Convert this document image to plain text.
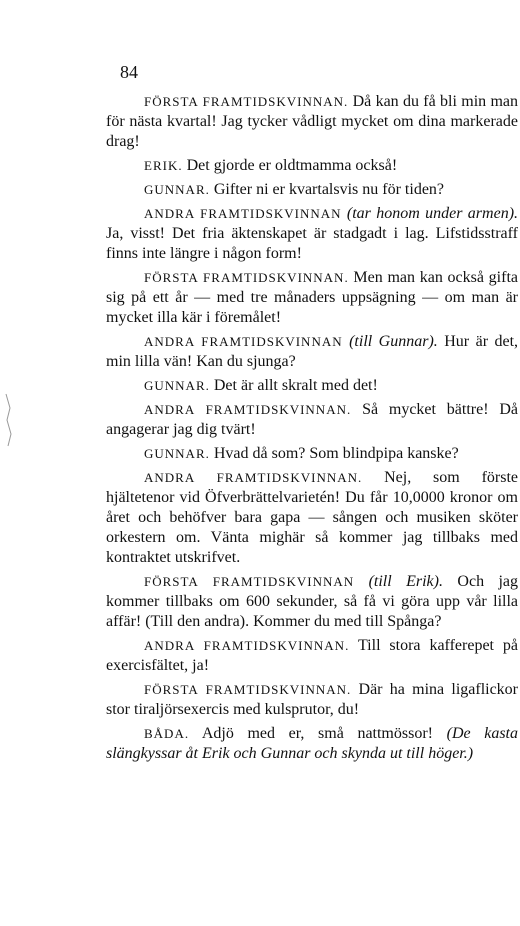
84

FÖRSTA FRAMTIDSKVINNAN. Då kan du få bli min man för nästa kvartal! Jag tycker vådligt mycket om dina markerade drag!

ERIK. Det gjorde er oldtmamma också!

GUNNAR. Gifter ni er kvartalsvis nu för tiden?

ANDRA FRAMTIDSKVINNAN (tar honom under armen). Ja, visst! Det fria äktenskapet är stadgadt i lag. Lifstidsstraff finns inte längre i någon form!

FÖRSTA FRAMTIDSKVINNAN. Men man kan också gifta sig på ett år — med tre månaders uppsägning — om man är mycket illa kär i föremålet!

ANDRA FRAMTIDSKVINNAN (till Gunnar). Hur är det, min lilla vän! Kan du sjunga?

GUNNAR. Det är allt skralt med det!

ANDRA FRAMTIDSKVINNAN. Så mycket bättre! Då angagerar jag dig tvärt!

GUNNAR. Hvad då som? Som blindpipa kanske?

ANDRA FRAMTIDSKVINNAN. Nej, som förste hjältetenor vid Öfverbrättelvarietén! Du får 10,0000 kronor om året och behöfver bara gapa — sången och musiken sköter orkestern om. Vänta mighär så kommer jag tillbaks med kontraktet utskrifvet.

FÖRSTA FRAMTIDSKVINNAN (till Erik). Och jag kommer tillbaks om 600 sekunder, så få vi göra upp vår lilla affär! (Till den andra). Kommer du med till Spånga?

ANDRA FRAMTIDSKVINNAN. Till stora kafferepet på exercisfältet, ja!

FÖRSTA FRAMTIDSKVINNAN. Där ha mina ligaflickor stor tiraljörsexercis med kulsprutor, du!

BÅDA. Adjö med er, små nattmössor! (De kasta slängkyssar åt Erik och Gunnar och skynda ut till höger.)
